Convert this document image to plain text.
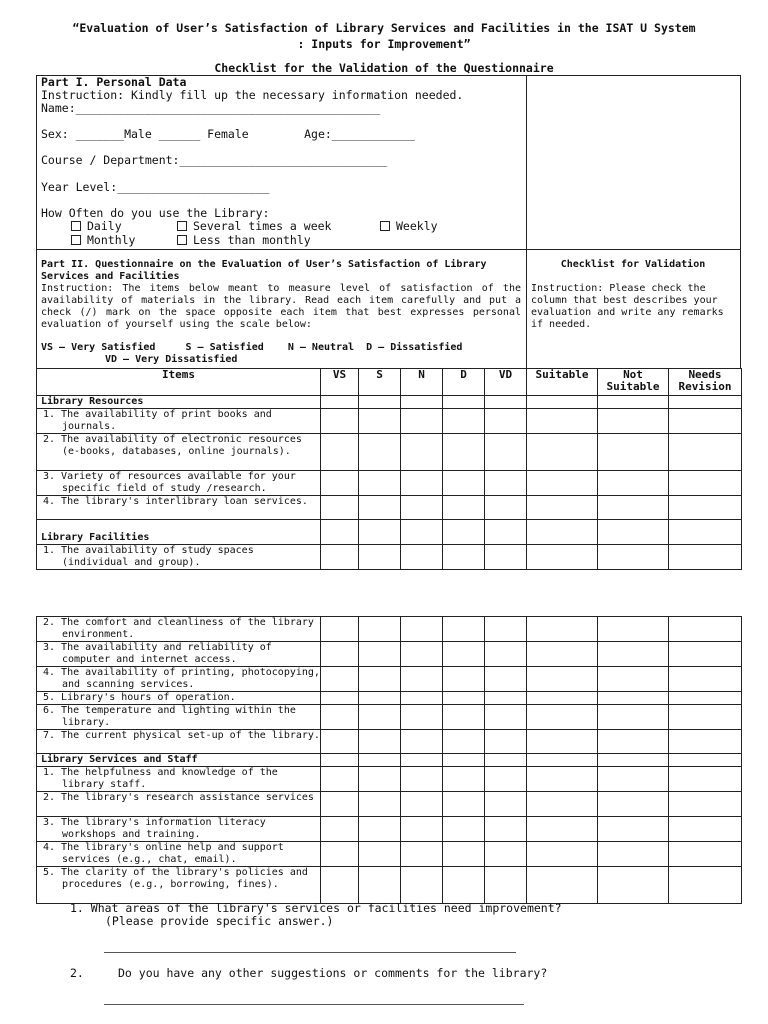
“Evaluation of User’s Satisfaction of Library Services and Facilities in the ISAT U System
: Inputs for Improvement”
Checklist for the Validation of the Questionnaire
Part I. Personal Data
Instruction: Kindly fill up the necessary information needed.
Name:____________________________________________
Sex: _______Male ______ Female        Age:____________
Course / Department:______________________________
Year Level:______________________
How Often do you use the Library:
Daily	Several times a week	Weekly
Monthly	Less than monthly
Part II. Questionnaire on the Evaluation of User’s Satisfaction of Library Services and Facilities
Instruction: The items below meant to measure level of satisfaction of the availability of materials in the library. Read each item carefully and put a check (/) mark on the space opposite each item that best expresses personal evaluation of yourself using the scale below:
VS – Very Satisfied     S – Satisfied    N – Neutral  D – Dissatisfied
VD – Very Dissatisfied
Checklist for Validation
Instruction: Please check the column that best describes your evaluation and write any remarks if needed.
Items	VS	S	N	D	VD	Suitable	Not Suitable	Needs Revision
Library Resources								

1. The availability of print books and journals.								

2. The availability of electronic resources (e-books, databases, online journals).								

3. Variety of resources available for your specific field of study /research.								

4. The library's interlibrary loan services.								

Library Facilities								

1. The availability of study spaces (individual and group).								

2. The comfort and cleanliness of the library environment.								

3. The availability and reliability of computer and internet access.								

4. The availability of printing, photocopying, and scanning services.								

5. Library's hours of operation.								

6. The temperature and lighting within the library.								

7. The current physical set-up of the library.								

Library Services and Staff								

1. The helpfulness and knowledge of the library staff.								

2. The library's research assistance services								

3. The library's information literacy workshops and training.								

4. The library's online help and support services (e.g., chat, email).								

5. The clarity of the library's policies and procedures (e.g., borrowing, fines).								

1. What areas of the library's services or facilities need improvement?
(Please provide specific answer.)
2.	Do you have any other suggestions or comments for the library?
